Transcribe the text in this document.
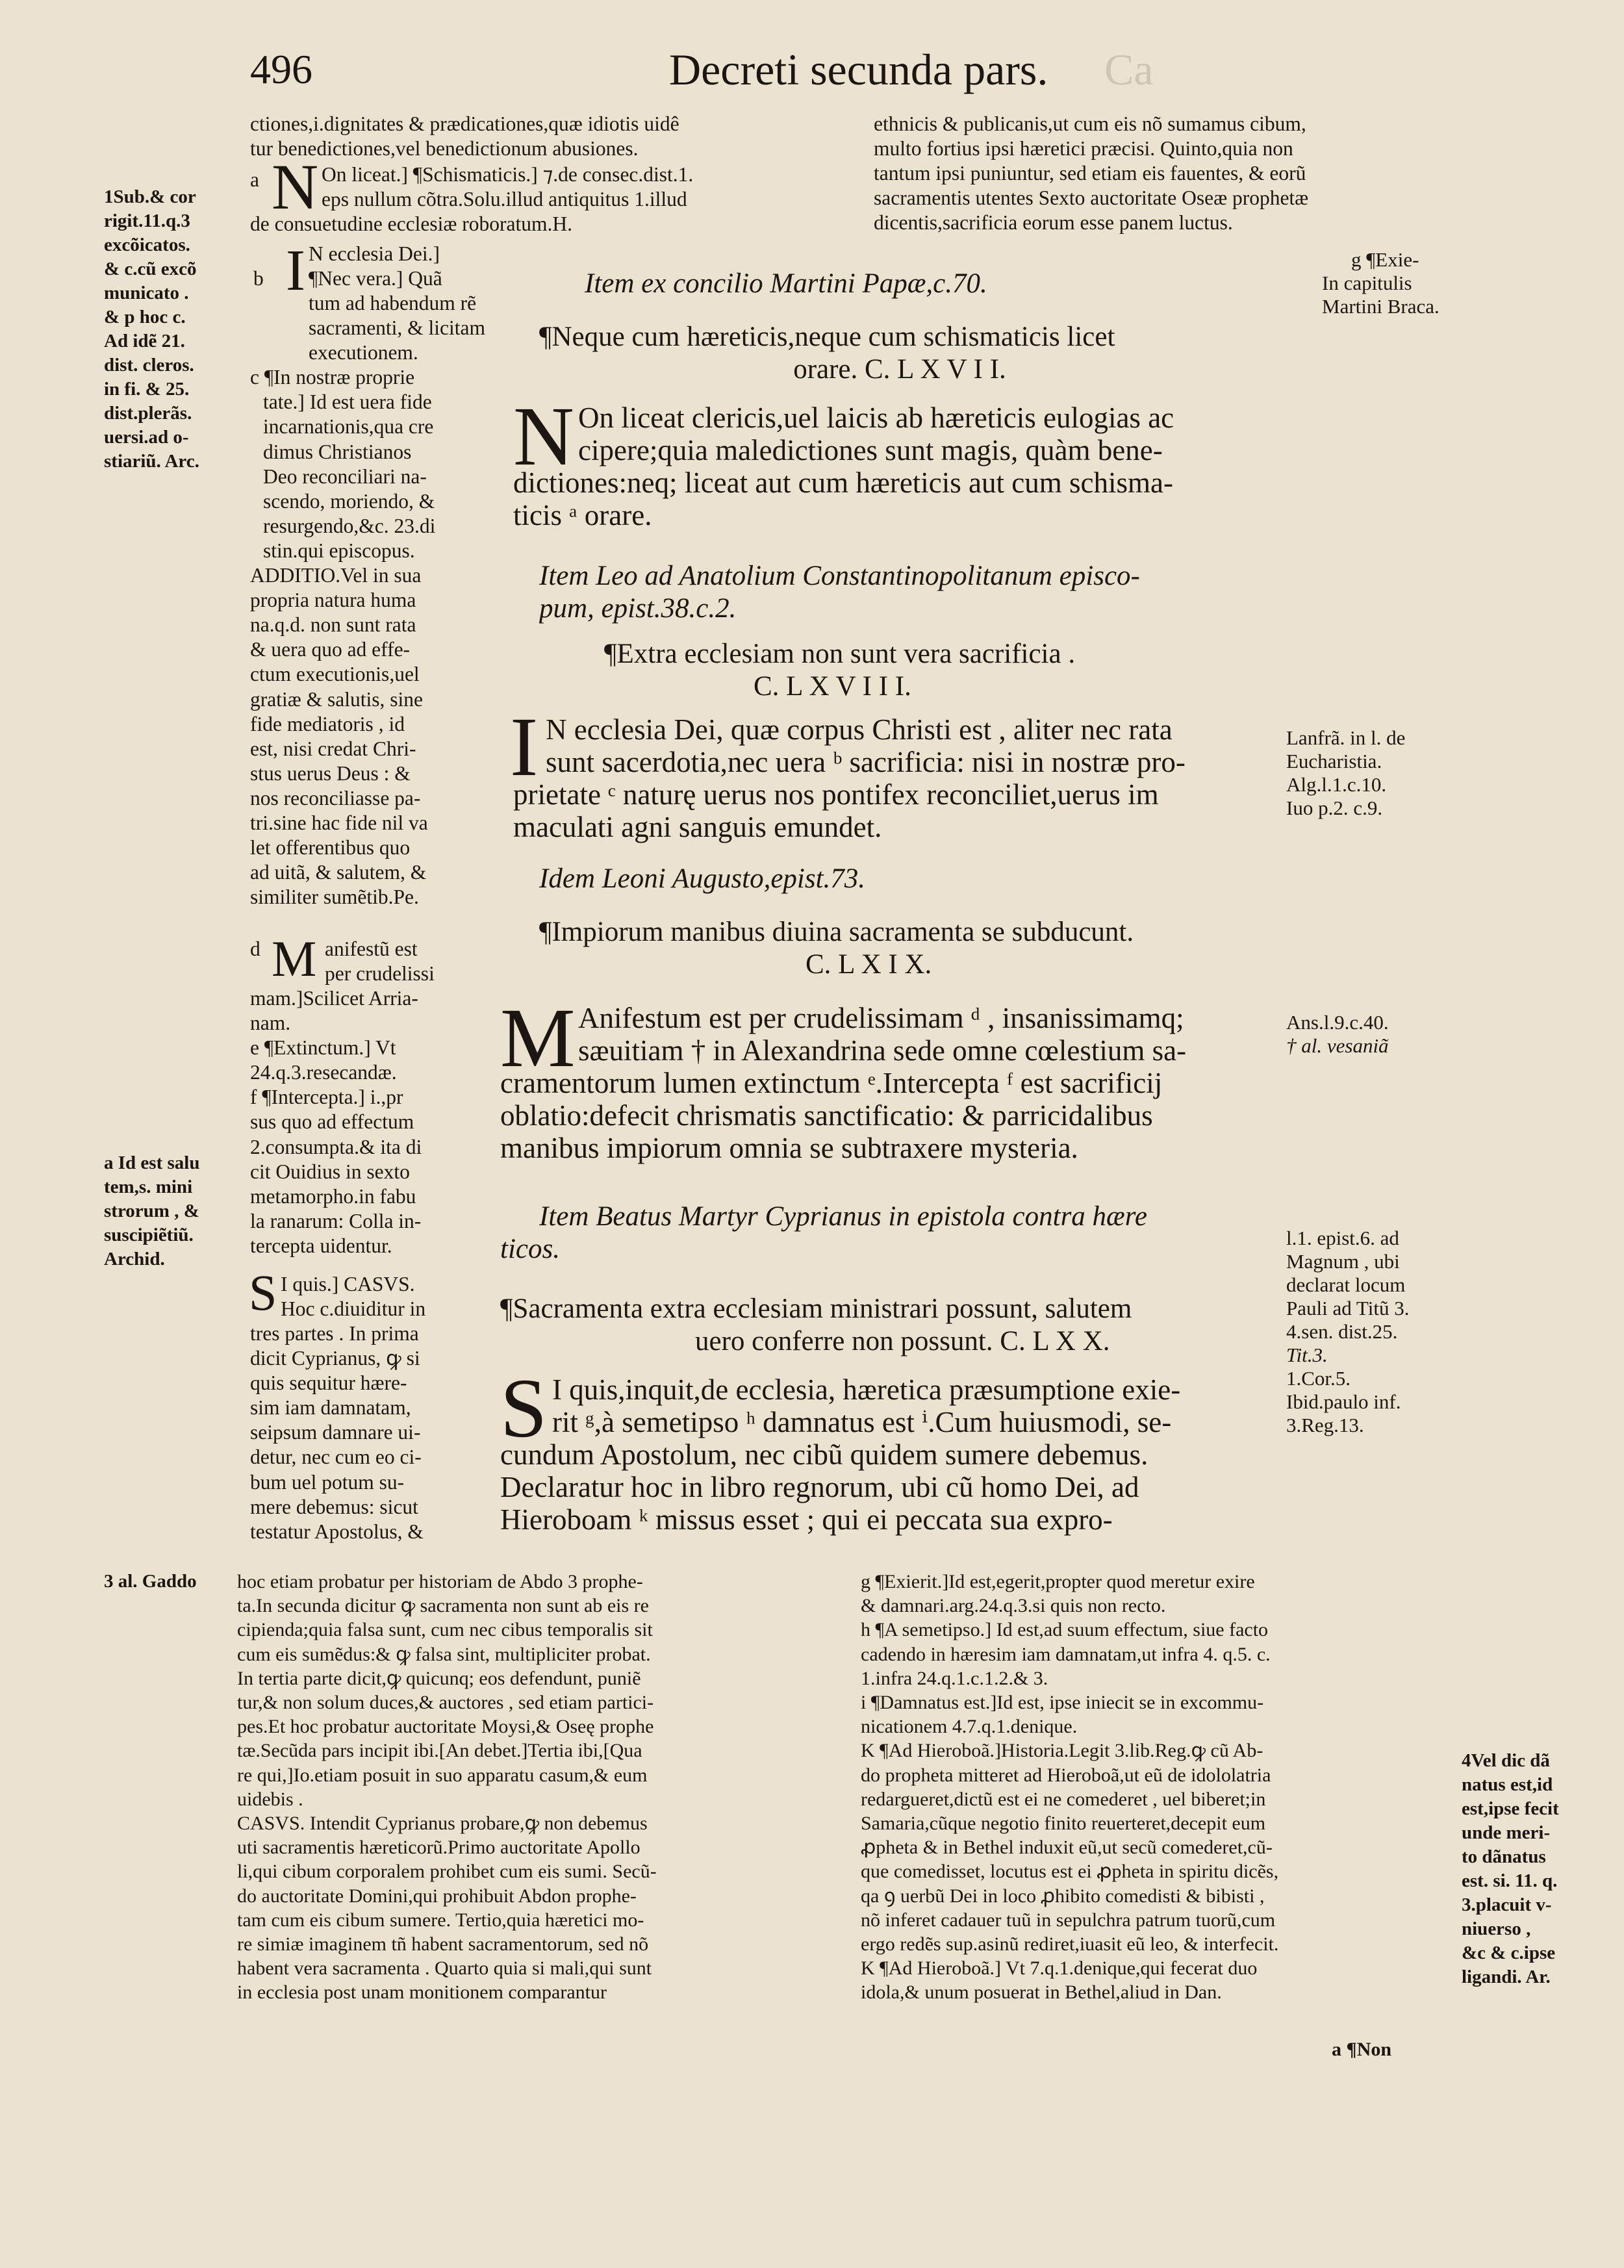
496	Decreti secunda pars. Ca
ctiones,i.dignitates & prædicationes,quæ idiotis uidê
tur benedictiones,vel benedictionum abusiones.
a N On liceat.] ¶Schismaticis.] ⁊.de consec.dist.1.
eps nullum cõtra.Solu.illud antiquitus 1.illud
de consuetudine ecclesiæ roboratum.H.
ethnicis & publicanis,ut cum eis nõ sumamus cibum,
multo fortius ipsi hæretici præcisi. Quinto,quia non
tantum ipsi puniuntur, sed etiam eis fauentes, & eorũ
sacramentis utentes Sexto auctoritate Oseæ prophetæ
dicentis,sacrificia eorum esse panem luctus.
1Sub.& cor
rigit.11.q.3
excõicatos.
& c.cũ excõ
municato .
& p hoc c.
Ad idẽ 21.
dist. cleros.
in fi. & 25.
dist.plerãs.
uersi.ad o-
stiariũ. Arc.
a Id est salu
tem,s. mini
strorum , &
suscipiẽtiũ.
Archid.
3 al. Gaddo
I
b
N ecclesia Dei.]
¶Nec vera.] Quã
tum ad habendum rẽ
sacramenti, & licitam
executionem.
c ¶In nostræ proprie
tate.] Id est uera fide
incarnationis,qua cre
dimus Christianos
Deo reconciliari na-
scendo, moriendo, &
resurgendo,&c. 23.di
stin.qui episcopus.
ADDITIO.Vel in sua
propria natura huma
na.q.d. non sunt rata
& uera quo ad effe-
ctum executionis,uel
gratiæ & salutis, sine
fide mediatoris , id
est, nisi credat Chri-
stus uerus Deus : &
nos reconciliasse pa-
tri.sine hac fide nil va
let offerentibus quo
ad uitã, & salutem, &
similiter sumẽtib.Pe.
d M anifestũ est
per crudelissi
mam.]Scilicet Arria-
nam.
e ¶Extinctum.] Vt
24.q.3.resecandæ.
f ¶Intercepta.] i.,pr
sus quo ad effectum
2.consumpta.& ita di
cit Ouidius in sexto
metamorpho.in fabu
la ranarum: Colla in-
tercepta uidentur.
S I quis.] CASVS.
Hoc c.diuiditur in
tres partes . In prima
dicit Cyprianus, ꝙ si
quis sequitur hære-
sim iam damnatam,
seipsum damnare ui-
detur, nec cum eo ci-
bum uel potum su-
mere debemus: sicut
testatur Apostolus, &
Item ex concilio Martini Papæ,c.70.
¶Neque cum hæreticis,neque cum schismaticis licet
orare. C. L X V I I.
N On liceat clericis,uel laicis ab hæreticis eulogias ac
cipere;quia maledictiones sunt magis, quàm bene-
dictiones:neq; liceat aut cum hæreticis aut cum schisma-
ticis ᵃ orare.
Item Leo ad Anatolium Constantinopolitanum episco-
pum, epist.38.c.2.
¶Extra ecclesiam non sunt vera sacrificia .
C. L X V I I I.
I N ecclesia Dei, quæ corpus Christi est , aliter nec rata
sunt sacerdotia,nec uera ᵇ sacrificia: nisi in nostræ pro-
prietate ᶜ naturę uerus nos pontifex reconciliet,uerus im
maculati agni sanguis emundet.
Idem Leoni Augusto,epist.73.
¶Impiorum manibus diuina sacramenta se subducunt.
C. L X I X.
M Anifestum est per crudelissimam ᵈ , insanissimamq;
sæuitiam † in Alexandrina sede omne cœlestium sa-
cramentorum lumen extinctum ᵉ.Intercepta ᶠ est sacrificij
oblatio:defecit chrismatis sanctificatio: & parricidalibus
manibus impiorum omnia se subtraxere mysteria.
Item Beatus Martyr Cyprianus in epistola contra hære
ticos.
¶Sacramenta extra ecclesiam ministrari possunt, salutem
uero conferre non possunt. C. L X X.
S I quis,inquit,de ecclesia, hæretica præsumptione exie-
rit ᵍ,à semetipso ʰ damnatus est ⁱ.Cum huiusmodi, se-
cundum Apostolum, nec cibũ quidem sumere debemus.
Declaratur hoc in libro regnorum, ubi cũ homo Dei, ad
Hieroboam ᵏ missus esset ; qui ei peccata sua expro-
g ¶Exie-
In capitulis
Martini Braca.
Lanfrã. in l. de
Eucharistia.
Alg.l.1.c.10.
Iuo p.2. c.9.
Ans.l.9.c.40.
† al. vesaniã
l.1. epist.6. ad
Magnum , ubi
declarat locum
Pauli ad Titũ 3.
4.sen. dist.25.
Tit.3.
1.Cor.5.
Ibid.paulo inf.
3.Reg.13.
4Vel dic dã
natus est,id
est,ipse fecit
unde meri-
to dãnatus
est. si. 11. q.
3.placuit v-
niuerso ,
&c & c.ipse
ligandi. Ar.
hoc etiam probatur per historiam de Abdo 3 prophe-
ta.In secunda dicitur ꝙ sacramenta non sunt ab eis re
cipienda;quia falsa sunt, cum nec cibus temporalis sit
cum eis sumẽdus:& ꝙ falsa sint, multipliciter probat.
In tertia parte dicit,ꝙ quicunq; eos defendunt, puniẽ
tur,& non solum duces,& auctores , sed etiam partici-
pes.Et hoc probatur auctoritate Moysi,& Oseę prophe
tæ.Secũda pars incipit ibi.[An debet.]Tertia ibi,[Qua
re qui,]Io.etiam posuit in suo apparatu casum,& eum
uidebis .
CASVS. Intendit Cyprianus probare,ꝙ non debemus
uti sacramentis hæreticorũ.Primo auctoritate Apollo
li,qui cibum corporalem prohibet cum eis sumi. Secũ-
do auctoritate Domini,qui prohibuit Abdon prophe-
tam cum eis cibum sumere. Tertio,quia hæretici mo-
re simiæ imaginem tñ habent sacramentorum, sed nõ
habent vera sacramenta . Quarto quia si mali,qui sunt
in ecclesia post unam monitionem comparantur
g ¶Exierit.]Id est,egerit,propter quod meretur exire
& damnari.arg.24.q.3.si quis non recto.
h ¶A semetipso.] Id est,ad suum effectum, siue facto
cadendo in hæresim iam damnatam,ut infra 4. q.5. c.
1.infra 24.q.1.c.1.2.& 3.
i ¶Damnatus est.]Id est, ipse iniecit se in excommu-
nicationem 4.7.q.1.denique.
K ¶Ad Hieroboã.]Historia.Legit 3.lib.Reg.ꝙ cũ Ab-
do propheta mitteret ad Hieroboã,ut eũ de idololatria
redargueret,dictũ est ei ne comederet , uel biberet;in
Samaria,cũque negotio finito reuerteret,decepit eum
ꝓpheta & in Bethel induxit eũ,ut secũ comederet,cũ-
que comedisset, locutus est ei ꝓpheta in spiritu dicẽs,
qa ꝯ uerbũ Dei in loco ꝓhibito comedisti & bibisti ,
nõ inferet cadauer tuũ in sepulchra patrum tuorũ,cum
ergo redẽs sup.asinũ rediret,iuasit eũ leo, & interfecit.
K ¶Ad Hieroboã.] Vt 7.q.1.denique,qui fecerat duo
idola,& unum posuerat in Bethel,aliud in Dan.
a ¶Non
